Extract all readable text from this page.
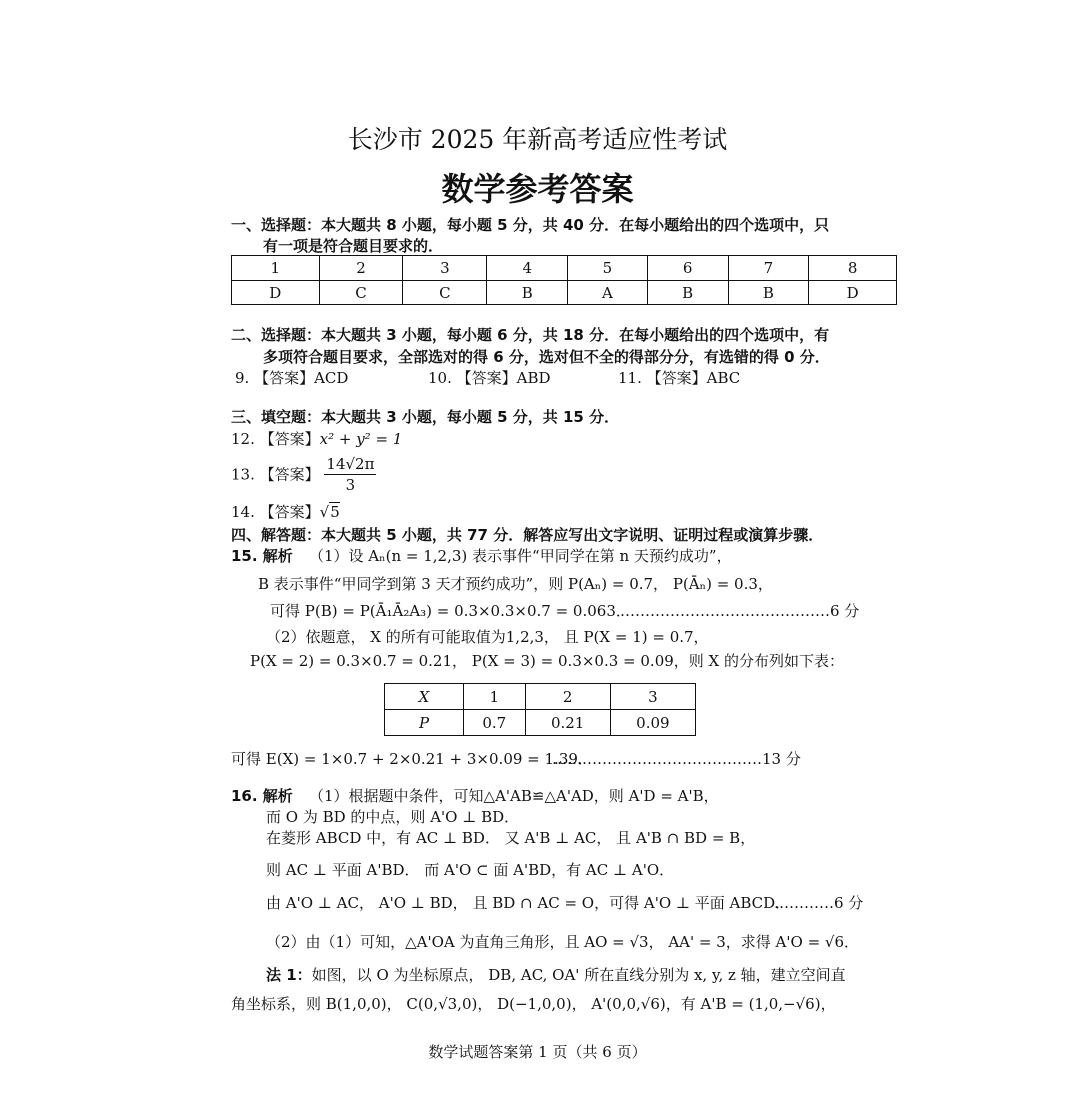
长沙市 2025 年新高考适应性考试
数学参考答案
一、选择题：本大题共 8 小题，每小题 5 分，共 40 分．在每小题给出的四个选项中，只
有一项是符合题目要求的．
1	2	3	4	5	6	7	8
D	C	C	B	A	B	B	D
二、选择题：本大题共 3 小题，每小题 6 分，共 18 分．在每小题给出的四个选项中，有
多项符合题目要求，全部选对的得 6 分，选对但不全的得部分分，有选错的得 0 分．
9. 【答案】ACD	10. 【答案】ABD	11. 【答案】ABC
三、填空题：本大题共 3 小题，每小题 5 分，共 15 分．
12. 【答案】x² + y² = 1
13. 【答案】 $\frac{14√2\pi}{3}$
14. 【答案】√5
四、解答题：本大题共 5 小题，共 77 分．解答应写出文字说明、证明过程或演算步骤．
15. 解析 （1）设 Aₙ(n = 1,2,3) 表示事件“甲同学在第 n 天预约成功”，
B 表示事件“甲同学到第 3 天才预约成功”，则 P(Aₙ) = 0.7， P(Āₙ) = 0.3，
可得 P(B) = P(Ā₁Ā₂A₃) = 0.3×0.3×0.7 = 0.063．
……………………………………6 分
（2）依题意， X 的所有可能取值为1,2,3， 且 P(X = 1) = 0.7，
P(X = 2) = 0.3×0.7 = 0.21， P(X = 3) = 0.3×0.3 = 0.09，则 X 的分布列如下表：
X	1	2	3
P	0.7	0.21	0.09
可得 E(X) = 1×0.7 + 2×0.21 + 3×0.09 = 1.39．
……………………………………13 分
16. 解析 （1）根据题中条件，可知△A'AB≌△A'AD，则 A'D = A'B，
而 O 为 BD 的中点，则 A'O ⊥ BD．
在菱形 ABCD 中，有 AC ⊥ BD． 又 A'B ⊥ AC， 且 A'B ∩ BD = B，
则 AC ⊥ 平面 A'BD． 而 A'O ⊂ 面 A'BD，有 AC ⊥ A'O．
由 A'O ⊥ AC， A'O ⊥ BD， 且 BD ∩ AC = O，可得 A'O ⊥ 平面 ABCD．
…………6 分
（2）由（1）可知，△A'OA 为直角三角形，且 AO = √3， AA' = 3，求得 A'O = √6．
法 1：如图，以 O 为坐标原点， DB, AC, OA' 所在直线分别为 x, y, z 轴，建立空间直
角坐标系，则 B(1,0,0)， C(0,√3,0)， D(−1,0,0)， A'(0,0,√6)，有 A'B = (1,0,−√6)，
数学试题答案第 1 页（共 6 页）
